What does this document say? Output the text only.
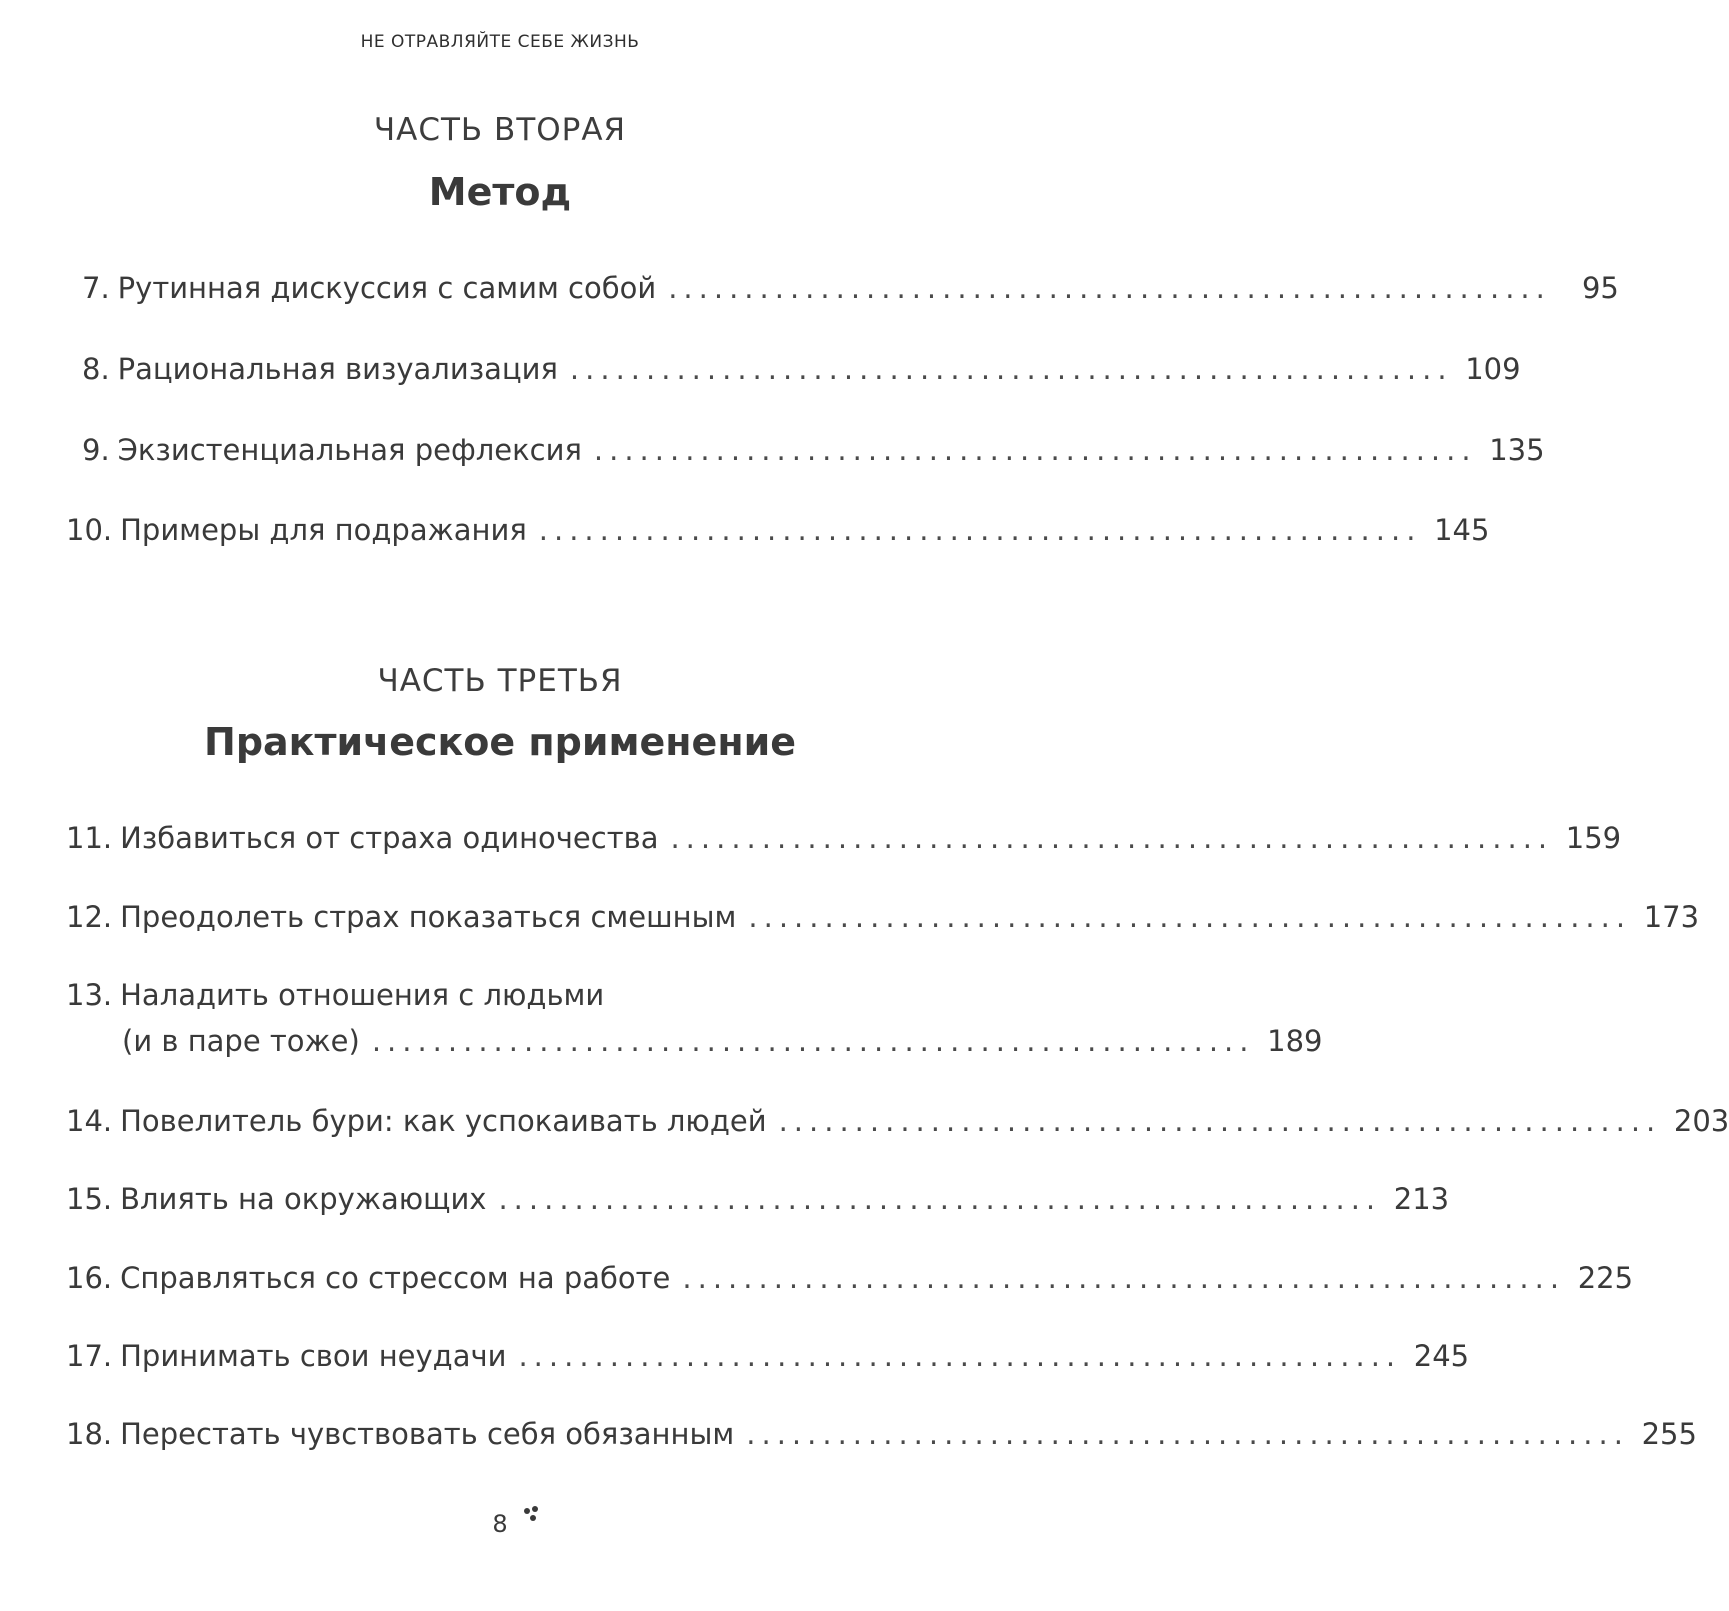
НЕ ОТРАВЛЯЙТЕ СЕБЕ ЖИЗНЬ
ЧАСТЬ ВТОРАЯ
Метод
7. Рутинная дискуссия с самим собой ..........................................................	95
8. Рациональная визуализация .......................................................... 109
9. Экзистенциальная рефлексия .......................................................... 135
10. Примеры для подражания .......................................................... 145
ЧАСТЬ ТРЕТЬЯ
Практическое применение
11. Избавиться от страха одиночества .......................................................... 159
12. Преодолеть страх показаться смешным .......................................................... 173
13. Наладить отношения с людьми
(и в паре тоже) .......................................................... 189
14. Повелитель бури: как успокаивать людей .......................................................... 203
15. Влиять на окружающих .......................................................... 213
16. Справляться со стрессом на работе .......................................................... 225
17. Принимать свои неудачи .......................................................... 245
18. Перестать чувствовать себя обязанным .......................................................... 255
8
